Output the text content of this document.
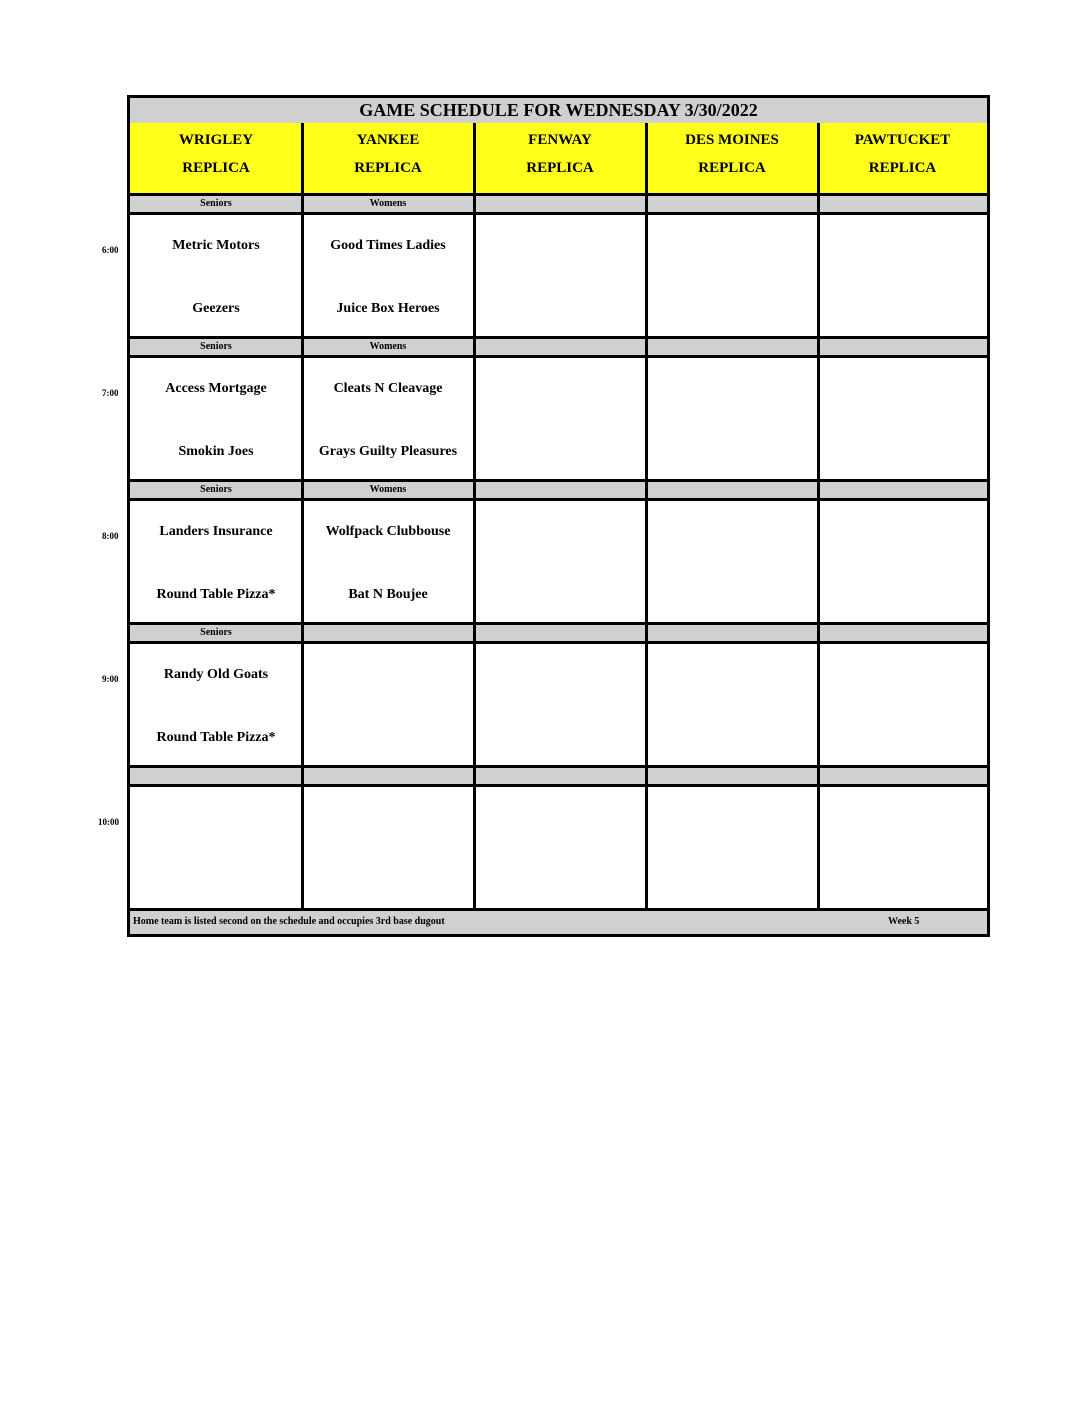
GAME SCHEDULE FOR WEDNESDAY 3/30/2022
Home team is listed second on the schedule and occupies 3rd base dugout	Week 5
WRIGLEY
REPLICA
YANKEE
REPLICA
FENWAY
REPLICA
DES MOINES
REPLICA
PAWTUCKET
REPLICA
Seniors
Metric Motors
Geezers
Womens
Good Times Ladies
Juice Box Heroes
Seniors
Access Mortgage
Smokin Joes
Womens
Cleats N Cleavage
Grays Guilty Pleasures
Seniors
Landers Insurance
Round Table Pizza*
Womens
Wolfpack Clubbouse
Bat N Boujee
Seniors
Randy Old Goats
Round Table Pizza*
6:00
7:00
8:00
9:00
10:00
